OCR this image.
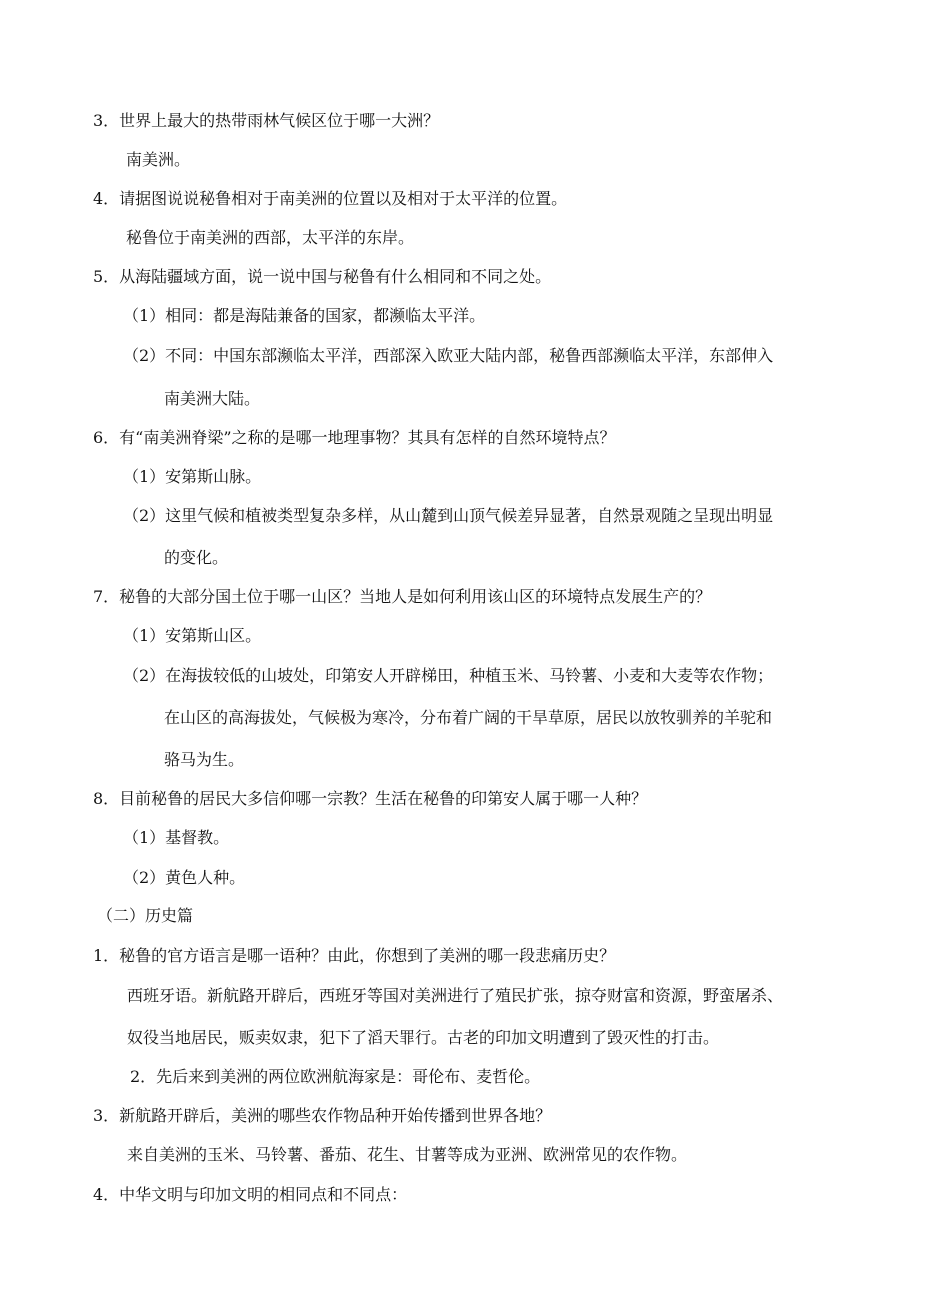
3．世界上最大的热带雨林气候区位于哪一大洲？
南美洲。
4．请据图说说秘鲁相对于南美洲的位置以及相对于太平洋的位置。
秘鲁位于南美洲的西部，太平洋的东岸。
5．从海陆疆域方面，说一说中国与秘鲁有什么相同和不同之处。
（1）相同：都是海陆兼备的国家，都濒临太平洋。
（2）不同：中国东部濒临太平洋，西部深入欧亚大陆内部，秘鲁西部濒临太平洋，东部伸入
南美洲大陆。
6．有“南美洲脊梁”之称的是哪一地理事物？其具有怎样的自然环境特点？
（1）安第斯山脉。
（2）这里气候和植被类型复杂多样，从山麓到山顶气候差异显著，自然景观随之呈现出明显
的变化。
7．秘鲁的大部分国土位于哪一山区？当地人是如何利用该山区的环境特点发展生产的？
（1）安第斯山区。
（2）在海拔较低的山坡处，印第安人开辟梯田，种植玉米、马铃薯、小麦和大麦等农作物；
在山区的高海拔处，气候极为寒冷，分布着广阔的干旱草原，居民以放牧驯养的羊驼和
骆马为生。
8．目前秘鲁的居民大多信仰哪一宗教？生活在秘鲁的印第安人属于哪一人种？
（1）基督教。
（2）黄色人种。
（二）历史篇
1．秘鲁的官方语言是哪一语种？由此，你想到了美洲的哪一段悲痛历史？
西班牙语。新航路开辟后，西班牙等国对美洲进行了殖民扩张，掠夺财富和资源，野蛮屠杀、
奴役当地居民，贩卖奴隶，犯下了滔天罪行。古老的印加文明遭到了毁灭性的打击。
2．先后来到美洲的两位欧洲航海家是：哥伦布、麦哲伦。
3．新航路开辟后，美洲的哪些农作物品种开始传播到世界各地？
来自美洲的玉米、马铃薯、番茄、花生、甘薯等成为亚洲、欧洲常见的农作物。
4．中华文明与印加文明的相同点和不同点：
